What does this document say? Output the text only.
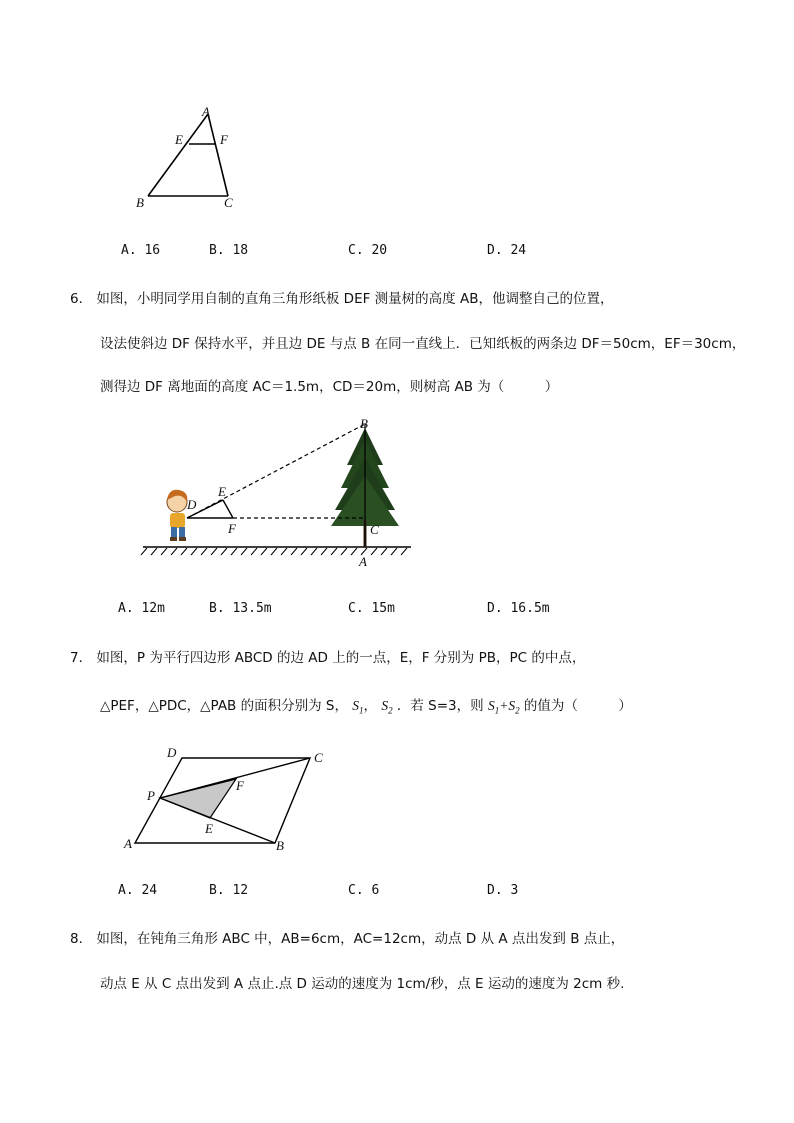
A
E	F
B	C
A. 16	B. 18	C. 20	D. 24
6． 如图，小明同学用自制的直角三角形纸板 DEF 测量树的高度 AB，他调整自己的位置，
设法使斜边 DF 保持水平，并且边 DE 与点 B 在同一直线上．已知纸板的两条边 DF＝50cm，EF＝30cm，
测得边 DF 离地面的高度 AC＝1.5m，CD＝20m，则树高 AB 为（　　　）
B
D
E
F	C
A
A. 12m	B. 13.5m	C. 15m	D. 16.5m
7． 如图，P 为平行四边形 ABCD 的边 AD 上的一点，E，F 分别为 PB，PC 的中点，
△PEF，△PDC，△PAB 的面积分别为 S， $S_1$， $S_2$ ．若 S=3，则 $S_1+S_2$ 的值为（　　　）
D	C
P
F
E
A	B
A. 24	B. 12	C. 6	D. 3
8． 如图，在钝角三角形 ABC 中，AB=6cm，AC=12cm，动点 D 从 A 点出发到 B 点止，
动点 E 从 C 点出发到 A 点止.点 D 运动的速度为 1cm/秒，点 E 运动的速度为 2cm 秒.
